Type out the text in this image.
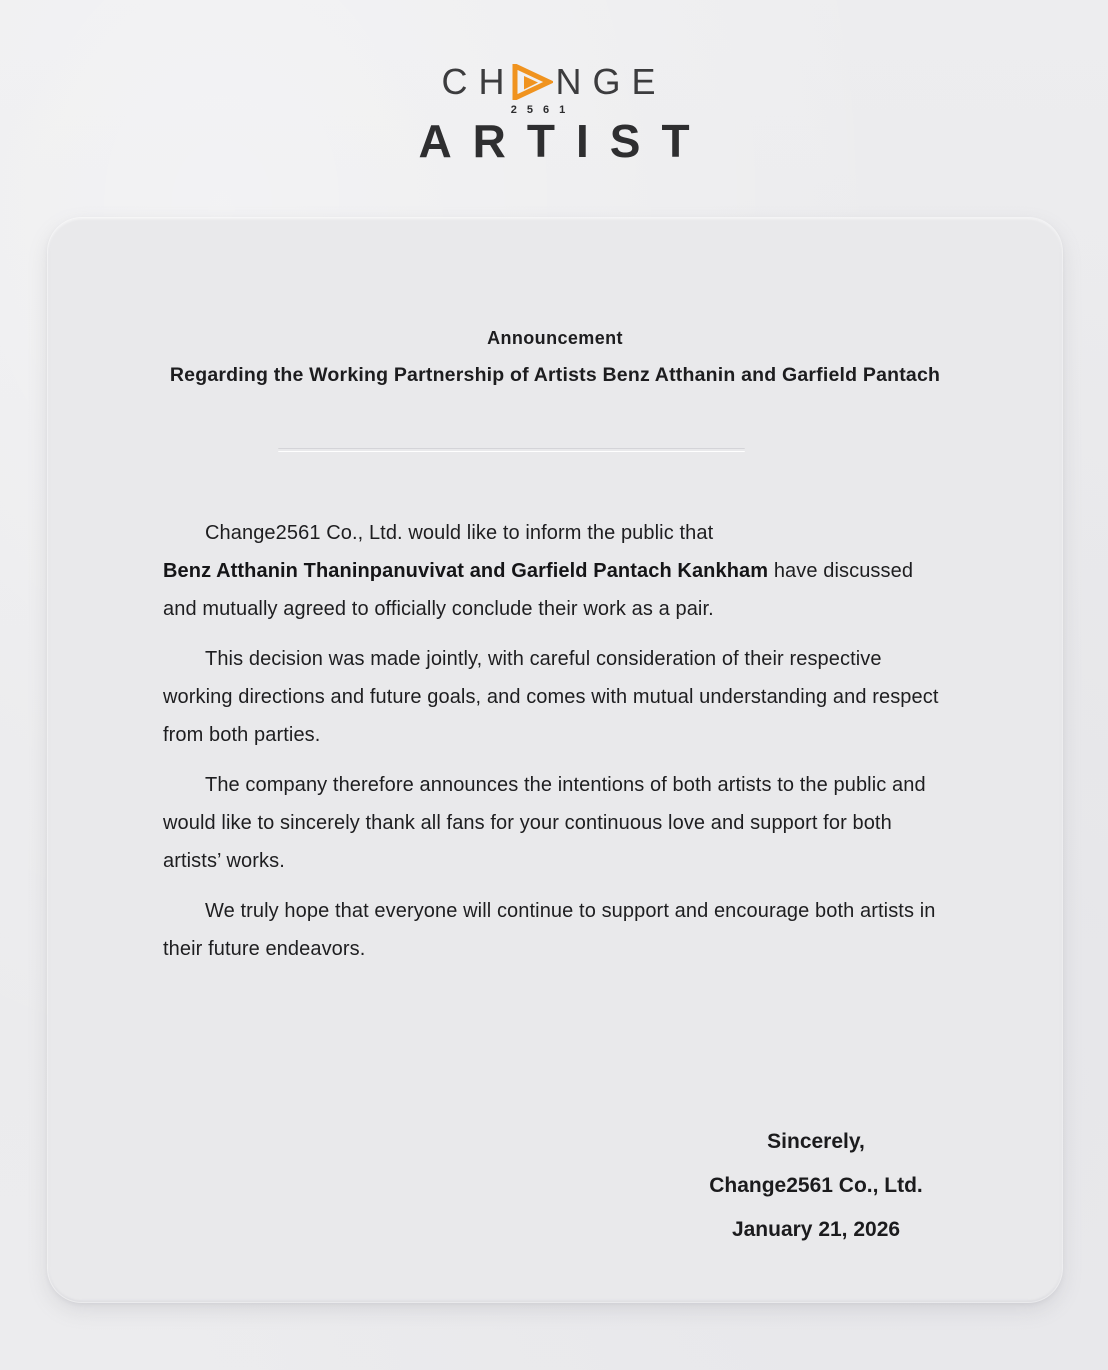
CH NGE
2561
ARTIST
Announcement
Regarding the Working Partnership of Artists Benz Atthanin and Garfield Pantach

Change2561 Co., Ltd. would like to inform the public that
Benz Atthanin Thaninpanuvivat and Garfield Pantach Kankham have discussed and mutually agreed to officially conclude their work as a pair.

This decision was made jointly, with careful consideration of their respective working directions and future goals, and comes with mutual understanding and respect from both parties.

The company therefore announces the intentions of both artists to the public and would like to sincerely thank all fans for your continuous love and support for both artists’ works.

We truly hope that everyone will continue to support and encourage both artists in their future endeavors.

Sincerely,
Change2561 Co., Ltd.
January 21, 2026
